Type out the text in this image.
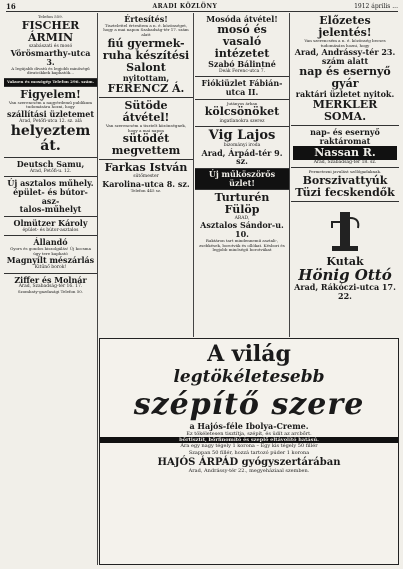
16	ARADI KÖZLÖNY	1912 április ...
Telefon 559.
FISCHER ÁRMIN
szabászati és mosó
Vörösmarthy-utca 3.
A legújabb divatú és legjobb minőségű divatcikkek kaphatók...
Vakuen és mosógép Telefon 296. szám.
Figyelem!
Van szerencsém a nagyérdemű publikum tudomására hozni, hogy
szállítási üzletemet
Arad, Petőfi-utca 12. sz. alá
helyeztem át.
Deutsch Samu,
Arad, Petőfi-u. 12.
Új asztalos műhely.
épület- és bútor-asz-
talos-műhelyt
Olmützer Károly
épület- és bútor-asztalos
Állandó
Gyors és gondos kiszolgálás! Új kocsma úgy tere kapható
Magnyílt mészárlás
Kitűnő borok!
Ziffer és Molnár
Arad, Szabadság-tér 16. 17.
Szombaty-gazdasági Telefon 50.
Értesítés!
Tisztelettel értesítem a n. é. közönséget, hogy a mai napon Szabadság-tér 17. szám alatt
fiú gyermek-ruha készítési Salont
nyitottam,
FERENCZ Á.
Sütöde átvétel!
Van szerencsém a tisztelt közönségnek, hogy a mai napon
sütödét megvettem
Farkas István
sütőmester
Karolina-utca 8. sz.
Telefon 445 sz.
Mosóda átvétel!
mosó és vasaló intézetet
Szabó Bálintné
Deák Ferenc-utca 7.
Fiókiüzlet Fábián-utca II.
Jutányos árban
kölcsönöket
ingatlanokra szerez
Vig Lajos
bizományi iroda
Arad, Árpád-tér 9. sz.
Új műköszörős üzlet!
Turturén Fülöp
ARAD,
Asztalos Sándor-u. 10.
Raktáron tart mindennemű asztali-, zsebkések, borotvák és ollókat. Késbori és legjobb minőségű borotvákat
Előzetes jelentés!
Van szerencsém a n. é. közönség becses tudomására hozni, hogy
Arad, Andrássy-tér 23. szám alatt
nap és esernyő gyár
raktári üzletet nyitok.
MERKLER SOMA.
nap- és esernyő raktáromat
Nassan R.
Arad, Szabadság-tér 18. sz.
Permetezni javulást szőlőgadaknak.
Borszivattyúk
Tüzi fecskendők
Kutak
Hönig Ottó
Arad, Rákóczi-utca 17. 22.
A világ
legtökéletesebb
szépítő szere
a Hajós-féle Ibolya-Creme.
Ez tökéletesen tisztítja, szépít, és üdít az arcbőrt.
bőrtisztít, bőrfinomító és szeplő eltávolító hatású.
Ára egy nagy tégely 1 korona – Egy kis tégely 50 fillér
Szappan 50 fillér, hozzá tartozó púder 1 korona
HAJÓS ÁRPÁD gyógyszertárában
Arad, Andrássy-tér 22., megyeháziaal szemben.
